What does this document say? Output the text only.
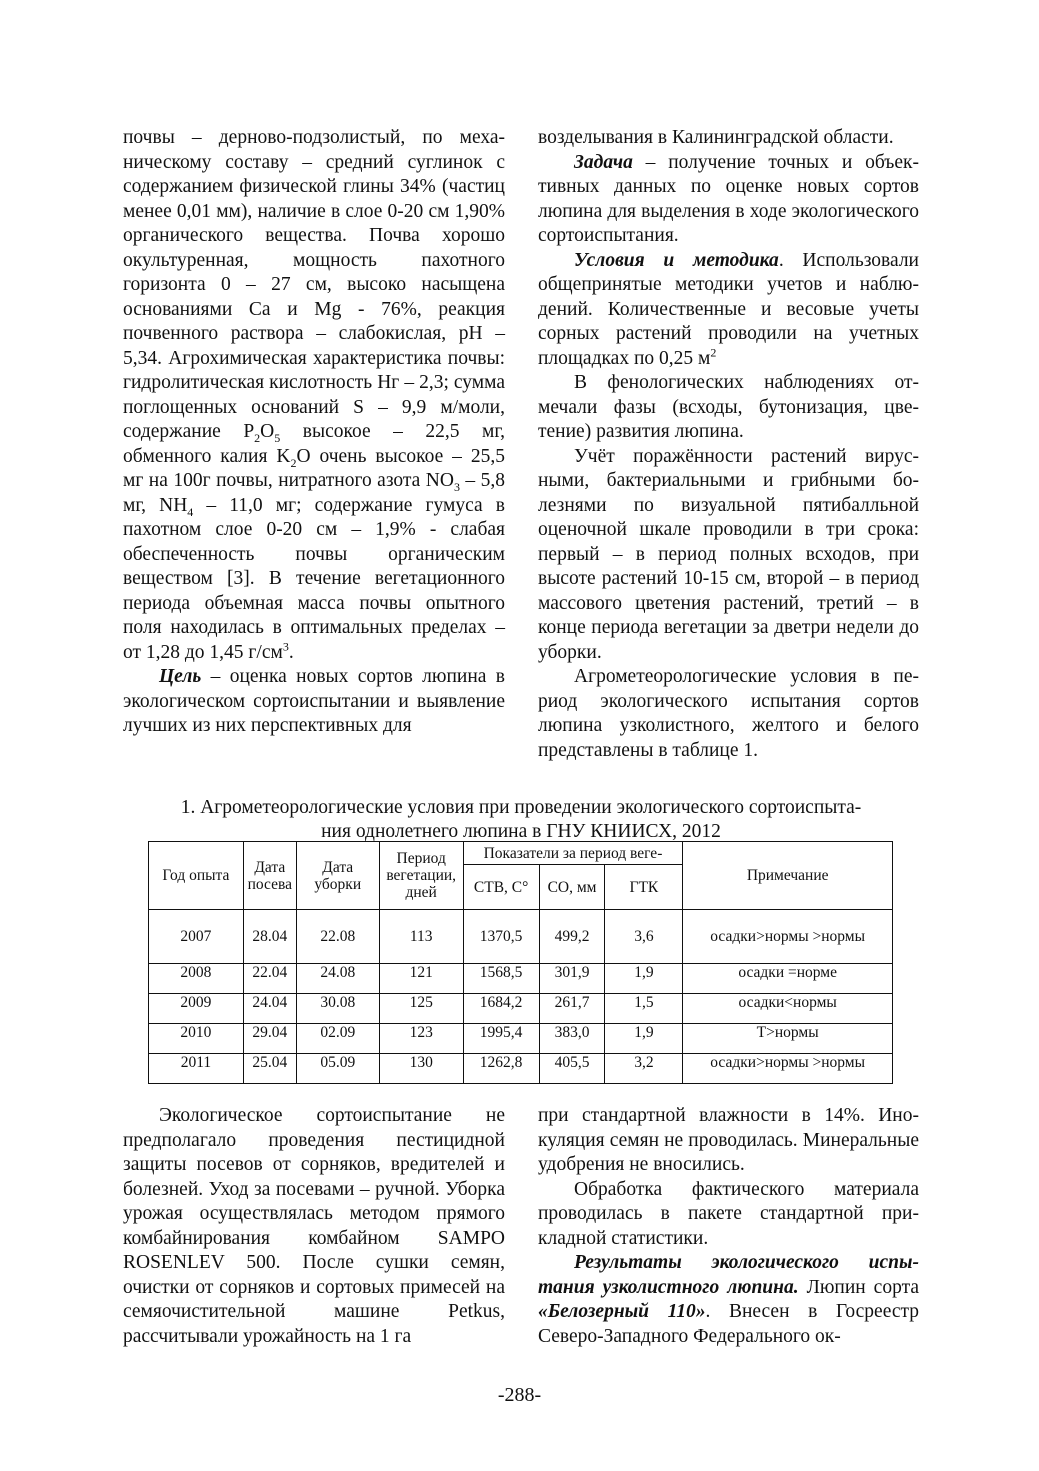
почвы – дерново-подзолистый, по механическому составу – средний суглинок с содержанием физической глины 34% (частиц менее 0,01 мм), наличие в слое 0-20 см 1,90% органического вещества. Почва хорошо окультуренная, мощность пахотного горизонта 0 – 27 см, высоко насыщена основаниями Ca и Mg - 76%, реакция почвенного раствора – слабокислая, pH – 5,34. Агрохимическая характеристика почвы: гидролитическая кислотность Hг – 2,3; сумма поглощенных оснований S – 9,9 м/моли, содержание $P_2O_5$ высокое – 22,5 мг, обменного калия $K_2O$ очень высокое – 25,5 мг на 100г почвы, нитратного азота $NO_3 - 5,8$ мг, $NH_4 - 11,0$ мг; содержание гумуса в пахотном слое 0-20 см – 1,9% - слабая обеспеченность почвы органическим веществом [3]. В течение вегетационного периода объемная масса почвы опытного поля находилась в оптимальных пределах – от 1,28 до 1,45 $г/см^3$.

Цель – оценка новых сортов люпина в экологическом сортоиспытании и выявление лучших из них перспективных для

возделывания в Калининградской области.

Задача – получение точных и объективных данных по оценке новых сортов люпина для выделения в ходе экологического сортоиспытания.

Условия и методика. Использовали общепринятые методики учетов и наблюдений. Количественные и весовые учеты сорных растений проводили на учетных площадках по 0,25 $м^2$

В фенологических наблюдениях отмечали фазы (всходы, бутонизация, цветение) развития люпина.

Учёт поражённости растений вирусными, бактериальными и грибными болезнями по визуальной пятибалльной оценочной шкале проводили в три срока: первый – в период полных всходов, при высоте растений 10-15 см, второй – в период массового цветения растений, третий – в конце периода вегетации за дветри недели до уборки.

Агрометеорологические условия в период экологического испытания сортов люпина узколистного, желтого и белого представлены в таблице 1.

1. Агрометеорологические условия при проведении экологического сортоиспыта-
ния однолетнего люпина в ГНУ КНИИСХ, 2012
Год опыта	Дата посева	Дата уборки	Период вегетации, дней	Показатели за период веге-			Примечание
				СТВ, С°	СО, мм	ГТК	
2007	28.04	22.08	113	1370,5	499,2	3,6	осадки>нормы >нормы
2008	22.04	24.08	121	1568,5	301,9	1,9	осадки =норме
2009	24.04	30.08	125	1684,2	261,7	1,5	осадки<нормы
2010	29.04	02.09	123	1995,4	383,0	1,9	T>нормы
2011	25.04	05.09	130	1262,8	405,5	3,2	осадки>нормы >нормы

Экологическое сортоиспытание не предполагало проведения пестицидной защиты посевов от сорняков, вредителей и болезней. Уход за посевами – ручной. Уборка урожая осуществлялась методом прямого комбайнирования комбайном SAMPO ROSENLEV 500. После сушки семян, очистки от сорняков и сортовых примесей на семяочистительной машине Petkus, рассчитывали урожайность на 1 га

при стандартной влажности в 14%. Инокуляция семян не проводилась. Минеральные удобрения не вносились.

Обработка фактического материала проводилась в пакете стандартной прикладной статистики.

Результаты экологического испытания узколистного люпина. Люпин сорта «Белозерный 110». Внесен в Госреестр Северо-Западного Федерального ок-

-288-
